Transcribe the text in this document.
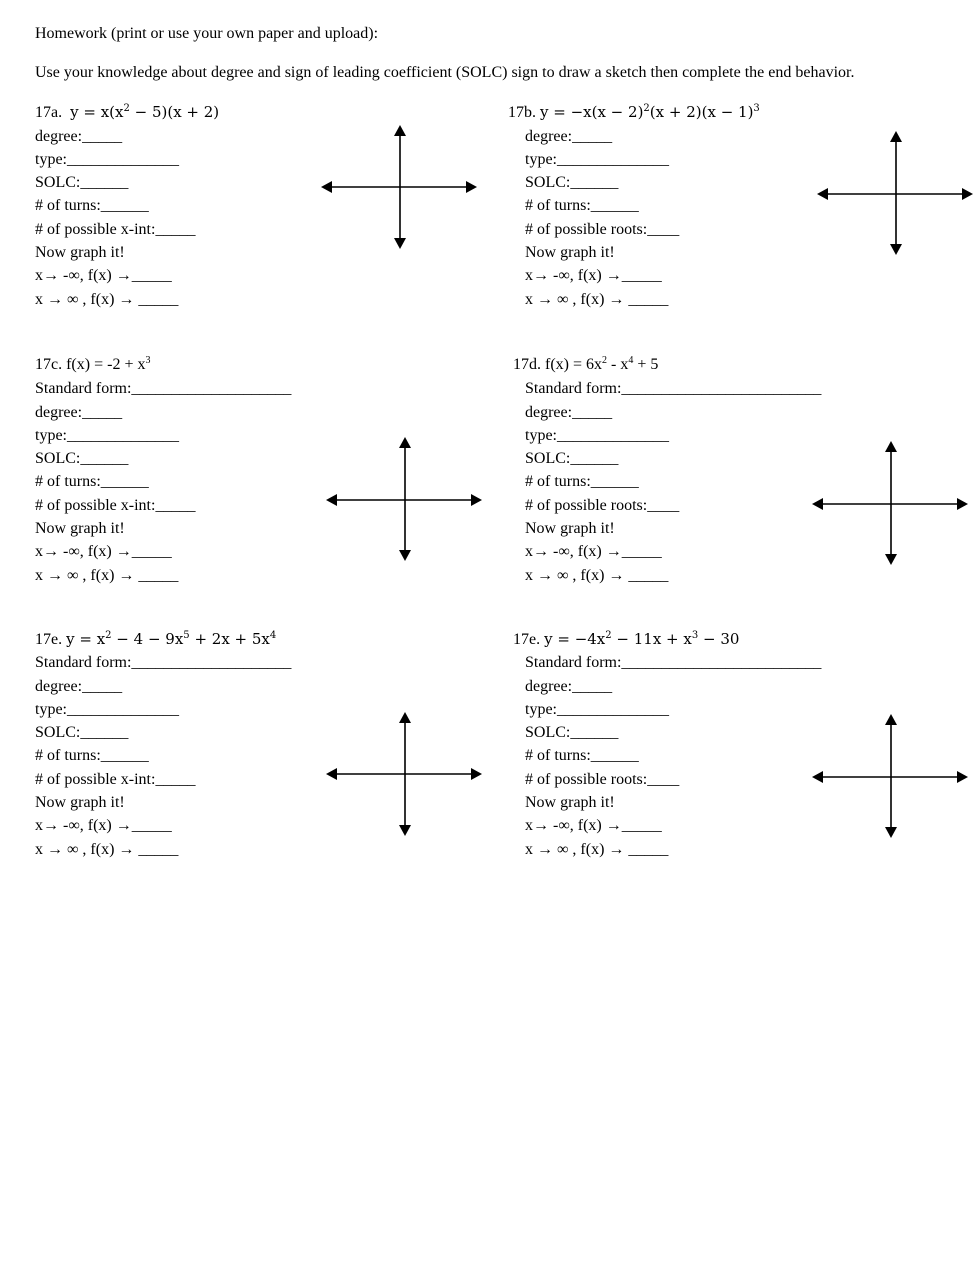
Homework (print or use your own paper and upload):
Use your knowledge about degree and sign of leading coefficient (SOLC) sign to draw a sketch then complete the end behavior.
17a. $y = x(x^2 - 5)(x + 2)$
degree:_____
type:______________
SOLC:______
# of turns:______
# of possible x-int:_____
Now graph it!
x→ -∞, f(x) →_____
x → ∞ , f(x) → _____
17b. $y = -x(x - 2)^2(x + 2)(x - 1)^3$
degree:_____
type:______________
SOLC:______
# of turns:______
# of possible roots:____
Now graph it!
x→ -∞, f(x) →_____
x → ∞ , f(x) → _____
17c. $f(x) = -2 + x^3$
Standard form:____________________
degree:_____
type:______________
SOLC:______
# of turns:______
# of possible x-int:_____
Now graph it!
x→ -∞, f(x) →_____
x → ∞ , f(x) → _____
17d. $f(x) = 6x^2 - x^4 + 5$
Standard form:_________________________
degree:_____
type:______________
SOLC:______
# of turns:______
# of possible roots:____
Now graph it!
x→ -∞, f(x) →_____
x → ∞ , f(x) → _____
17e. $y = x^2 - 4 - 9x^5 + 2x + 5x^4$
Standard form:____________________
degree:_____
type:______________
SOLC:______
# of turns:______
# of possible x-int:_____
Now graph it!
x→ -∞, f(x) →_____
x → ∞ , f(x) → _____
17e. $y = -4x^2 - 11x + x^3 - 30$
Standard form:_________________________
degree:_____
type:______________
SOLC:______
# of turns:______
# of possible roots:____
Now graph it!
x→ -∞, f(x) →_____
x → ∞ , f(x) → _____
